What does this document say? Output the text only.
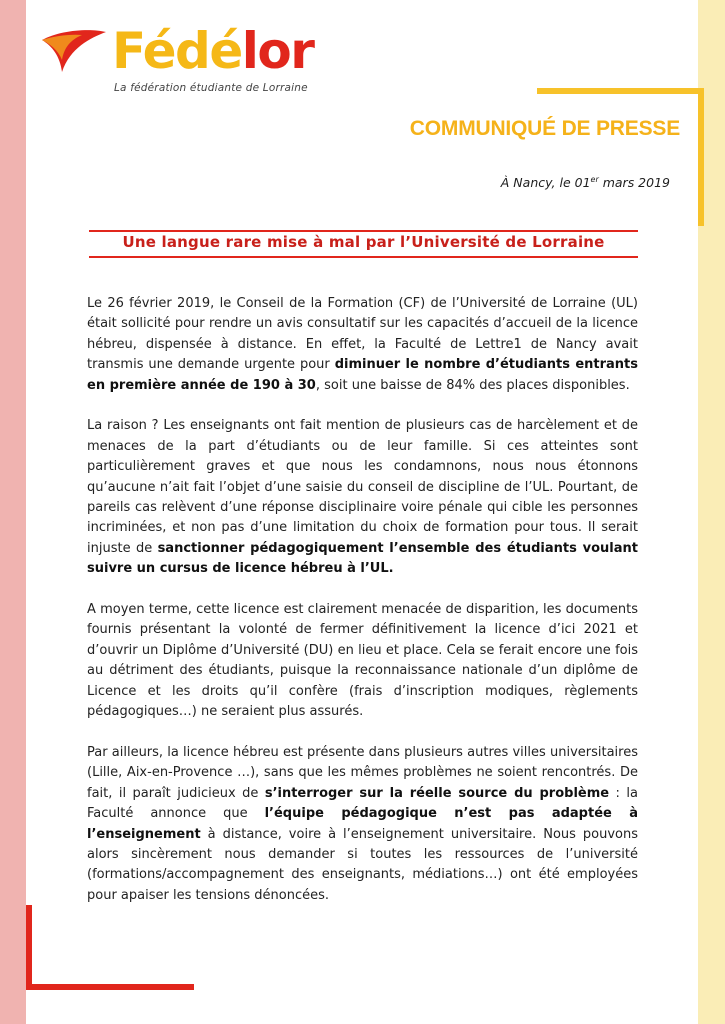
Fédélor
La fédération étudiante de Lorraine
COMMUNIQUÉ DE PRESSE
À Nancy, le 01er mars 2019
Une langue rare mise à mal par l’Université de Lorraine

Le 26 février 2019, le Conseil de la Formation (CF) de l’Université de Lorraine (UL) était sollicité pour rendre un avis consultatif sur les capacités d’accueil de la licence hébreu, dispensée à distance. En effet, la Faculté de Lettre1 de Nancy avait transmis une demande urgente pour diminuer le nombre d’étudiants entrants en première année de 190 à 30, soit une baisse de 84% des places disponibles.

La raison ? Les enseignants ont fait mention de plusieurs cas de harcèlement et de menaces de la part d’étudiants ou de leur famille. Si ces atteintes sont particulièrement graves et que nous les condamnons, nous nous étonnons qu’aucune n’ait fait l’objet d’une saisie du conseil de discipline de l’UL. Pourtant, de pareils cas relèvent d’une réponse disciplinaire voire pénale qui cible les personnes incriminées, et non pas d’une limitation du choix de formation pour tous. Il serait injuste de sanctionner pédagogiquement l’ensemble des étudiants voulant suivre un cursus de licence hébreu à l’UL.

A moyen terme, cette licence est clairement menacée de disparition, les documents fournis présentant la volonté de fermer définitivement la licence d’ici 2021 et d’ouvrir un Diplôme d’Université (DU) en lieu et place. Cela se ferait encore une fois au détriment des étudiants, puisque la reconnaissance nationale d’un diplôme de Licence et les droits qu’il confère (frais d’inscription modiques, règlements pédagogiques…) ne seraient plus assurés.

Par ailleurs, la licence hébreu est présente dans plusieurs autres villes universitaires (Lille, Aix-en-Provence …), sans que les mêmes problèmes ne soient rencontrés. De fait, il paraît judicieux de s’interroger sur la réelle source du problème : la Faculté annonce que l’équipe pédagogique n’est pas adaptée à l’enseignement à distance, voire à l’enseignement universitaire. Nous pouvons alors sincèrement nous demander si toutes les ressources de l’université (formations/accompagnement des enseignants, médiations…) ont été employées pour apaiser les tensions dénoncées.
